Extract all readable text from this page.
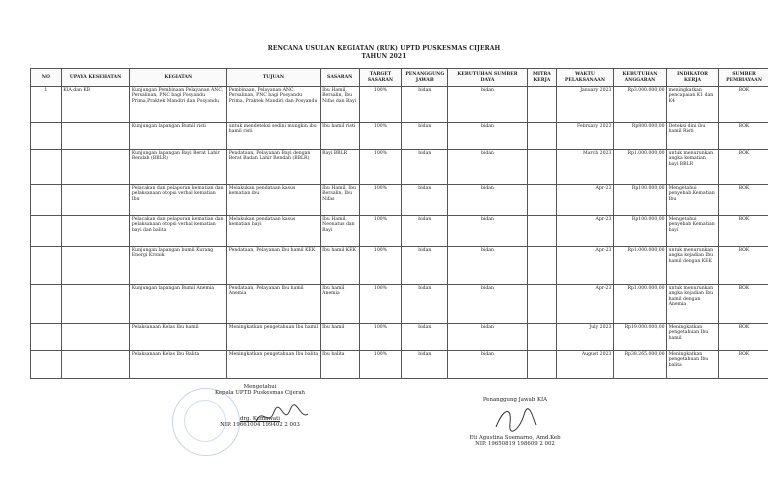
RENCANA USULAN KEGIATAN (RUK) UPTD PUSKESMAS CIJERAH
TAHUN 2021
NO	UPAYA KESEHATAN	KEGIATAN	TUJUAN	SASARAN	TARGET SASARAN	PENANGGUNG JAWAB	KEBUTUHAN SUMBER DAYA	MITRA KERJA	WAKTU PELAKSANAAN	KEBUTUHAN ANGGARAN	INDIKATOR KERJA	SUMBER PEMBIAYAAN
1	KIA dan KB	Kunjungan Pembinaan Pelayanan ANC, Persalinan, PNC bagi Posyandu Prima,Praktek Mandiri dan Posyandu	Pembinaan, Pelayanan ANC, Persalinan, PNC bagi Posyandu Prima, Praktek Mandiri dan Posyandu	Ibu Hamil, Bersalin, Ibu Nifas dan Bayi	100%	bidan	bidan		January 2023	Rp3.000.000,00	meningkatkan pencapaian K1 dan K4	BOK
		Kunjungan lapangan Bumil risti	untuk mendeteksi sedini mungkin ibu hamil risti	Ibu hamil risti	100%	bidan	bidan		February 2023	Rp800.000,00	Deteksi dini ibu hamil Risti	BOK
		Kunjungan lapangan Bayi Berat Lahir Rendah (BBLR)	Pendataan, Pelayanan Bayi dengan Berat Badan Lahir Rendah (BBLR)	Bayi BBLR	100%	bidan	bidan		March 2023	Rp1.000.000,00	untuk menurunkan angka kematian bayi BBLR	BOK
		Pelacakan dan pelaporan kematian dan pelaksanaan otopsi verbal kematian Ibu	Melakukan pendataan kasus kematian ibu	Ibu Hamil, Ibu Bersalin, Ibu Nifas	100%	bidan	bidan		Apr-23	Rp100.000,00	Mengetahui penyebab Kematian Ibu	BOK
		Pelacakan dan pelaporan kematian dan pelaksanaan otopsi verbal kematian bayi dan balita	Melakukan pendataan kasus kematian bayi	Ibu Hamil, Neonatus dan Bayi	100%	bidan	bidan		Apr-23	Rp100.000,00	Mengetahui penyebab Kematian bayi	BOK
		Kunjungan lapangan bumil Kurang Energi Kronik	Pendataan, Pelayanan Ibu hamil KEK	Ibu hamil KEK	100%	bidan	bidan		Apr-23	Rp1.000.000,00	untuk menurunkan angka kejadian Ibu hamil dengan KEK	BOK
		Kunjungan lapangan Bumil Anemia	Pendataan, Pelayanan Ibu hamil Anemia	Ibu hamil Anemia	100%	bidan	bidan		Apr-23	Rp1.000.000,00	untuk menurunkan angka kejadian Ibu hamil dengan Anemia	BOK
		Pelaksanaan Kelas Ibu hamil	Meningkatkan pengetahuan Ibu hamil	Ibu hamil	100%	bidan	bidan		July 2023	Rp19.000.000,00	Meningkatkan pengetahuan Ibu hamil	BOK
		Pelaksanaan Kelas Ibu Balita	Meningkatkan pengetahuan Ibu balita	Ibu balita	100%	bidan	bidan		August 2023	Rp38.265.000,00	Meningkatkan pengetahuan Ibu balita	BOK
Mengetahui
Kepala UPTD Puskesmas Cijerah
drg. Kemawati
NIP. 19661004 199402 2 003
Penanggung Jawab KIA
Eti Agustina Soemarno, Amd.Keb
NIP. 19650819 198609 2 002
